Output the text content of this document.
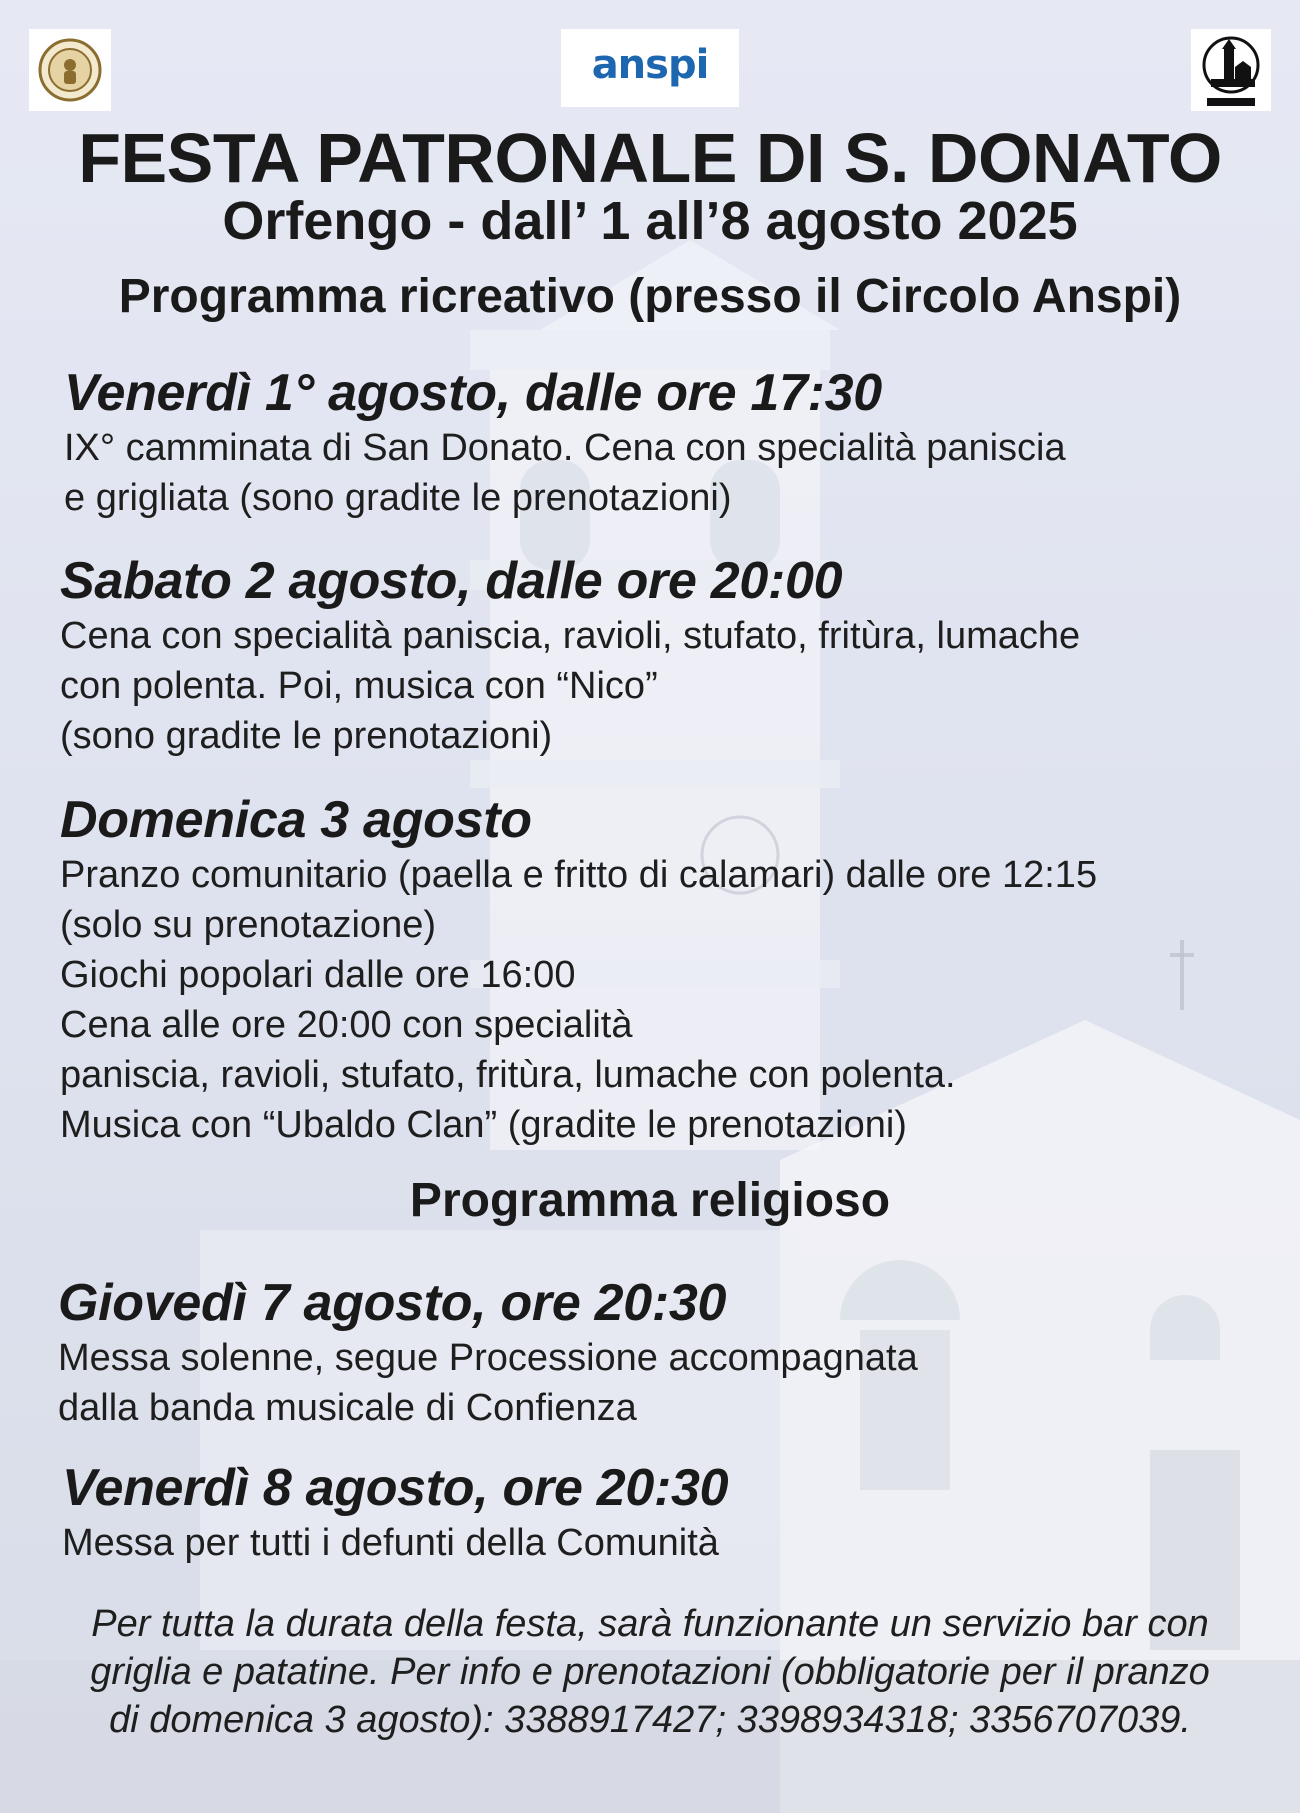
anspi
FESTA PATRONALE DI S. DONATO
Orfengo - dall’ 1 all’8 agosto 2025
Programma ricreativo (presso il Circolo Anspi)
Venerdì 1° agosto, dalle ore 17:30
IX° camminata di San Donato. Cena con specialità paniscia
e grigliata (sono gradite le prenotazioni)
Sabato 2 agosto, dalle ore 20:00
Cena con specialità paniscia, ravioli, stufato, fritùra, lumache
con polenta. Poi, musica con “Nico”
(sono gradite le prenotazioni)
Domenica 3 agosto
Pranzo comunitario (paella e fritto di calamari) dalle ore 12:15
(solo su prenotazione)
Giochi popolari dalle ore 16:00
Cena alle ore 20:00 con specialità
paniscia, ravioli, stufato, fritùra, lumache con polenta.
Musica con “Ubaldo Clan” (gradite le prenotazioni)
Programma religioso
Giovedì 7 agosto, ore 20:30
Messa solenne, segue Processione accompagnata
dalla banda musicale di Confienza
Venerdì 8 agosto, ore 20:30
Messa per tutti i defunti della Comunità
Per tutta la durata della festa, sarà funzionante un servizio bar con
griglia e patatine. Per info e prenotazioni (obbligatorie per il pranzo
di domenica 3 agosto): 3388917427; 3398934318; 3356707039.
